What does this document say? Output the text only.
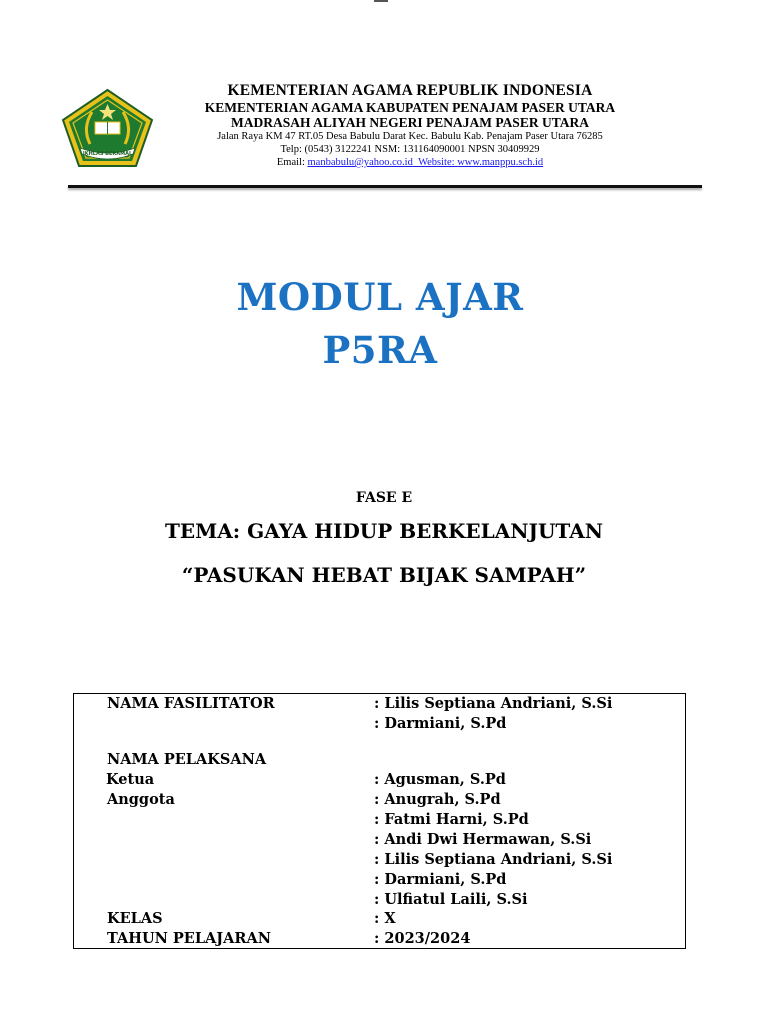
IKHLAS BERAMAL
KEMENTERIAN AGAMA REPUBLIK INDONESIA
KEMENTERIAN AGAMA KABUPATEN PENAJAM PASER UTARA
MADRASAH ALIYAH NEGERI PENAJAM PASER UTARA
Jalan Raya KM 47 RT.05 Desa Babulu Darat Kec. Babulu Kab. Penajam Paser Utara 76285
Telp: (0543) 3122241 NSM: 131164090001 NPSN 30409929
Email: manbabulu@yahoo.co.id Website: www.manppu.sch.id
MODUL AJAR
P5RA
FASE E
TEMA: GAYA HIDUP BERKELANJUTAN
“PASUKAN HEBAT BIJAK SAMPAH”
NAMA FASILITATOR	: Lilis Septiana Andriani, S.Si
: Darmiani, S.Pd
NAMA PELAKSANA
Ketua	: Agusman, S.Pd
Anggota	: Anugrah, S.Pd
: Fatmi Harni, S.Pd
: Andi Dwi Hermawan, S.Si
: Lilis Septiana Andriani, S.Si
: Darmiani, S.Pd
: Ulfiatul Laili, S.Si
KELAS	: X
TAHUN PELAJARAN	: 2023/2024
